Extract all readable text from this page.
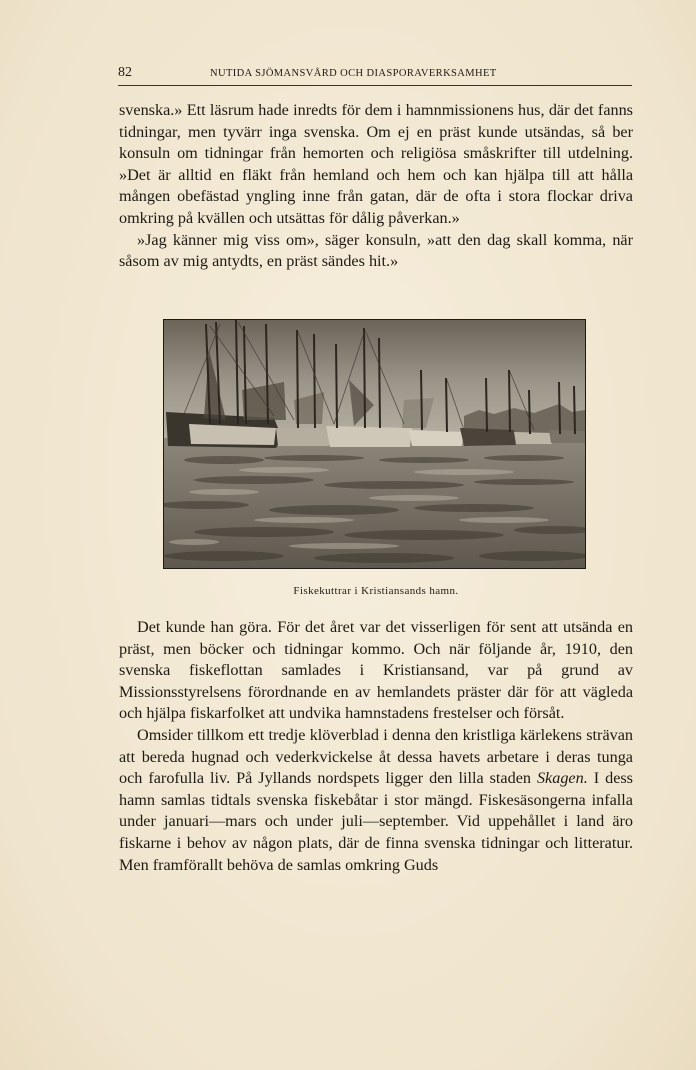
82	NUTIDA SJÖMANSVÅRD OCH DIASPORAVERKSAMHET

svenska.» Ett läsrum hade inredts för dem i hamnmissionens hus, där det fanns tidningar, men tyvärr inga svenska. Om ej en präst kunde utsändas, så ber konsuln om tidningar från hemorten och religiösa småskrifter till utdelning. »Det är alltid en fläkt från hemland och hem och kan hjälpa till att hålla mången obefästad yngling inne från gatan, där de ofta i stora flockar driva omkring på kvällen och utsättas för dålig påverkan.»

»Jag känner mig viss om», säger konsuln, »att den dag skall komma, när såsom av mig antydts, en präst sändes hit.»

Fiskekuttrar i Kristiansands hamn.

Det kunde han göra. För det året var det visserligen för sent att utsända en präst, men böcker och tidningar kommo. Och när följande år, 1910, den svenska fiskeflottan samlades i Kristiansand, var på grund av Missionsstyrelsens förordnande en av hemlandets präster där för att vägleda och hjälpa fiskarfolket att undvika hamnstadens frestelser och försåt.

Omsider tillkom ett tredje klöverblad i denna den kristliga kärlekens strävan att bereda hugnad och vederkvickelse åt dessa havets arbetare i deras tunga och farofulla liv. På Jyllands nordspets ligger den lilla staden Skagen. I dess hamn samlas tidtals svenska fiskebåtar i stor mängd. Fiskesäsongerna infalla under januari—mars och under juli—september. Vid uppehållet i land äro fiskarne i behov av någon plats, där de finna svenska tidningar och litteratur. Men framförallt behöva de samlas omkring Guds
